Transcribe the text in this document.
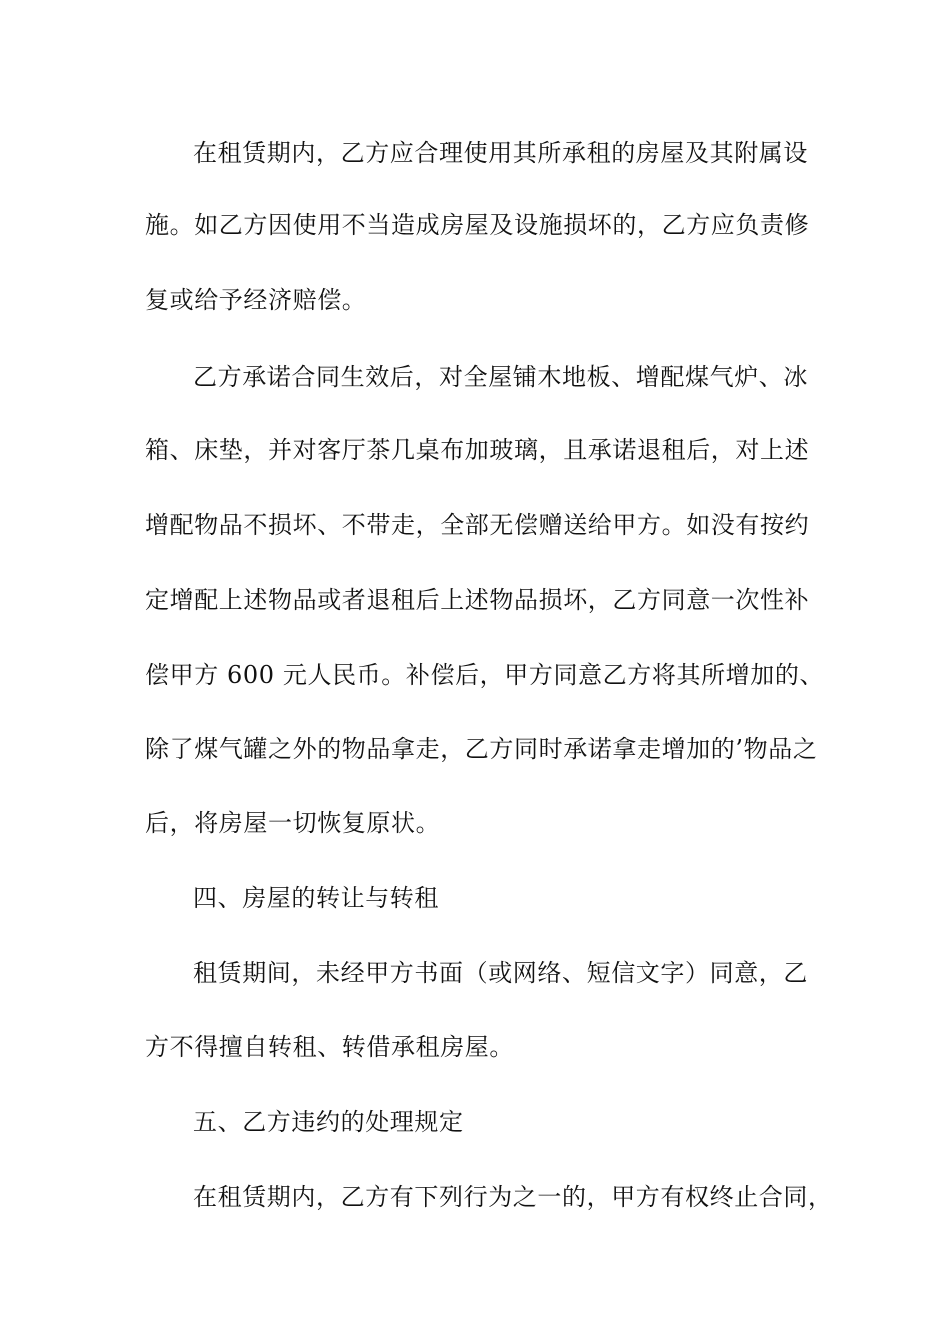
在租赁期内，乙方应合理使用其所承租的房屋及其附属设
施。如乙方因使用不当造成房屋及设施损坏的，乙方应负责修
复或给予经济赔偿。
乙方承诺合同生效后，对全屋铺木地板、增配煤气炉、冰
箱、床垫，并对客厅茶几桌布加玻璃，且承诺退租后，对上述
增配物品不损坏、不带走，全部无偿赠送给甲方。如没有按约
定增配上述物品或者退租后上述物品损坏，乙方同意一次性补
偿甲方 600 元人民币。补偿后，甲方同意乙方将其所增加的、
除了煤气罐之外的物品拿走，乙方同时承诺拿走增加的’物品之
后，将房屋一切恢复原状。
四、房屋的转让与转租
租赁期间，未经甲方书面（或网络、短信文字）同意，乙
方不得擅自转租、转借承租房屋。
五、乙方违约的处理规定
在租赁期内，乙方有下列行为之一的，甲方有权终止合同，
